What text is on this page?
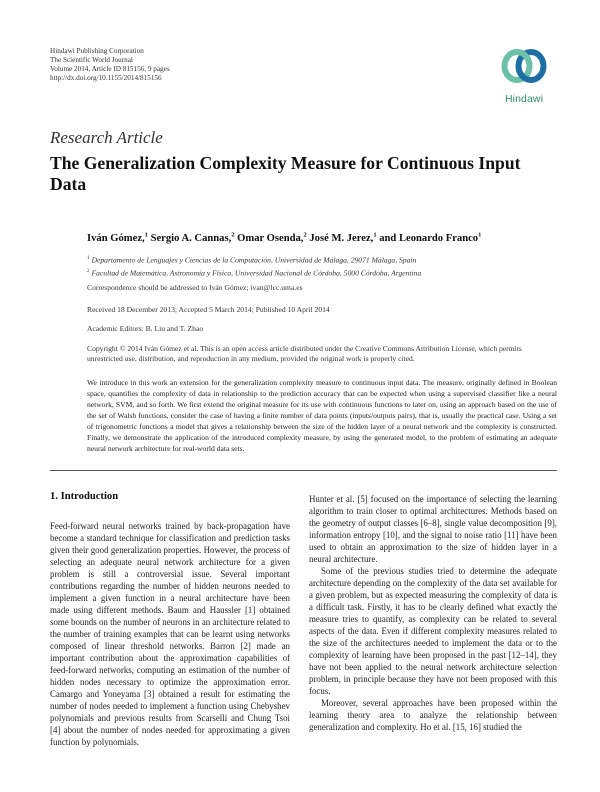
Hindawi Publishing Corporation
The Scientific World Journal
Volume 2014, Article ID 815156, 9 pages
http://dx.doi.org/10.1155/2014/815156
Hindawi
Research Article
The Generalization Complexity Measure for Continuous Input Data
Iván Gómez,$^1$ Sergio A. Cannas,$^2$ Omar Osenda,$^2$ José M. Jerez,$^1$ and Leonardo Franco$^1$
$^1$ Departamento de Lenguajes y Ciencias de la Computación, Universidad de Málaga, 29071 Málaga, Spain
$^2$ Facultad de Matemática, Astronomía y Física, Universidad Nacional de Córdoba, 5000 Córdoba, Argentina
Correspondence should be addressed to Iván Gómez; ivan@lcc.uma.es
Received 18 December 2013; Accepted 5 March 2014; Published 10 April 2014
Academic Editors: B. Liu and T. Zhao
Copyright © 2014 Iván Gómez et al. This is an open access article distributed under the Creative Commons Attribution License, which permits unrestricted use, distribution, and reproduction in any medium, provided the original work is properly cited.
We introduce in this work an extension for the generalization complexity measure to continuous input data. The measure, originally defined in Boolean space, quantifies the complexity of data in relationship to the prediction accuracy that can be expected when using a supervised classifier like a neural network, SVM, and so forth. We first extend the original measure for its use with continuous functions to later on, using an approach based on the use of the set of Walsh functions, consider the case of having a finite number of data points (inputs/outputs pairs), that is, usually the practical case. Using a set of trigonometric functions a model that gives a relationship between the size of the hidden layer of a neural network and the complexity is constructed. Finally, we demonstrate the application of the introduced complexity measure, by using the generated model, to the problem of estimating an adequate neural network architecture for real-world data sets.
1. Introduction

Feed-forward neural networks trained by back-propagation have become a standard technique for classification and prediction tasks given their good generalization properties. However, the process of selecting an adequate neural network architecture for a given problem is still a controversial issue. Several important contributions regarding the number of hidden neurons needed to implement a given function in a neural architecture have been made using different methods. Baum and Haussler [1] obtained some bounds on the number of neurons in an architecture related to the number of training examples that can be learnt using networks composed of linear threshold networks. Barron [2] made an important contribution about the approximation capabilities of feed-forward networks, computing an estimation of the number of hidden nodes necessary to optimize the approximation error. Camargo and Yoneyama [3] obtained a result for estimating the number of nodes needed to implement a function using Chebyshev polynomials and previous results from Scarselli and Chung Tsoi [4] about the number of nodes needed for approximating a given function by polynomials.

Hunter et al. [5] focused on the importance of selecting the learning algorithm to train closer to optimal architectures. Methods based on the geometry of output classes [6–8], single value decomposition [9], information entropy [10], and the signal to noise ratio [11] have been used to obtain an approximation to the size of hidden layer in a neural architecture.

Some of the previous studies tried to determine the adequate architecture depending on the complexity of the data set available for a given problem, but as expected measuring the complexity of data is a difficult task. Firstly, it has to be clearly defined what exactly the measure tries to quantify, as complexity can be related to several aspects of the data. Even if different complexity measures related to the size of the architectures needed to implement the data or to the complexity of learning have been proposed in the past [12–14], they have not been applied to the neural network architecture selection problem, in principle because they have not been proposed with this focus.

Moreover, several approaches have been proposed within the learning theory area to analyze the relationship between generalization and complexity. Ho et al. [15, 16] studied the
